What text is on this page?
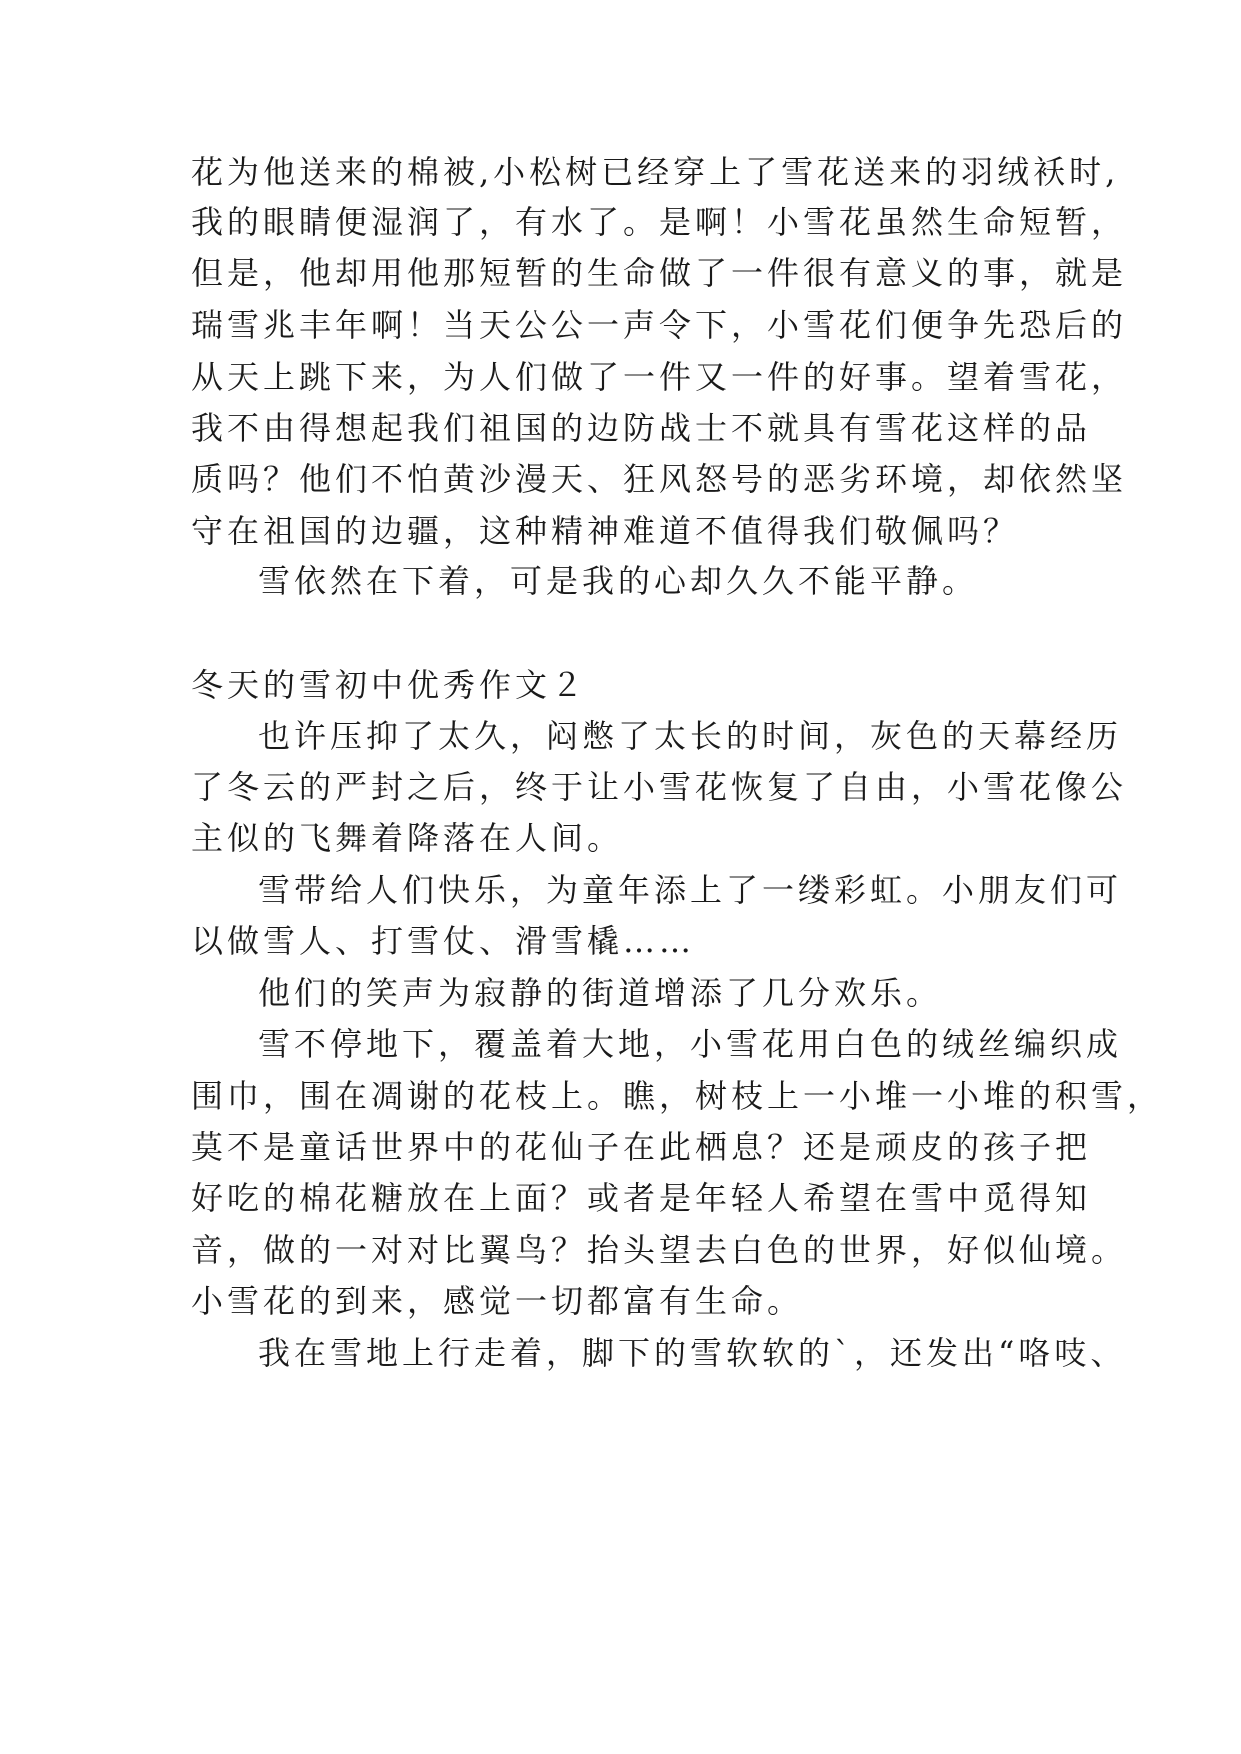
花为他送来的棉被,小松树已经穿上了雪花送来的羽绒袄时,
我的眼睛便湿润了，有水了。是啊！小雪花虽然生命短暂，
但是，他却用他那短暂的生命做了一件很有意义的事，就是
瑞雪兆丰年啊！当天公公一声令下，小雪花们便争先恐后的
从天上跳下来，为人们做了一件又一件的好事。望着雪花，
我不由得想起我们祖国的边防战士不就具有雪花这样的品
质吗？他们不怕黄沙漫天、狂风怒号的恶劣环境，却依然坚
守在祖国的边疆，这种精神难道不值得我们敬佩吗？
雪依然在下着，可是我的心却久久不能平静。
冬天的雪初中优秀作文２
也许压抑了太久，闷憋了太长的时间，灰色的天幕经历
了冬云的严封之后，终于让小雪花恢复了自由，小雪花像公
主似的飞舞着降落在人间。
雪带给人们快乐，为童年添上了一缕彩虹。小朋友们可
以做雪人、打雪仗、滑雪橇……
他们的笑声为寂静的街道增添了几分欢乐。
雪不停地下，覆盖着大地，小雪花用白色的绒丝编织成
围巾，围在凋谢的花枝上。瞧，树枝上一小堆一小堆的积雪，
莫不是童话世界中的花仙子在此栖息？还是顽皮的孩子把
好吃的棉花糖放在上面？或者是年轻人希望在雪中觅得知
音，做的一对对比翼鸟？抬头望去白色的世界，好似仙境。
小雪花的到来，感觉一切都富有生命。
我在雪地上行走着，脚下的雪软软的`，还发出“咯吱、
